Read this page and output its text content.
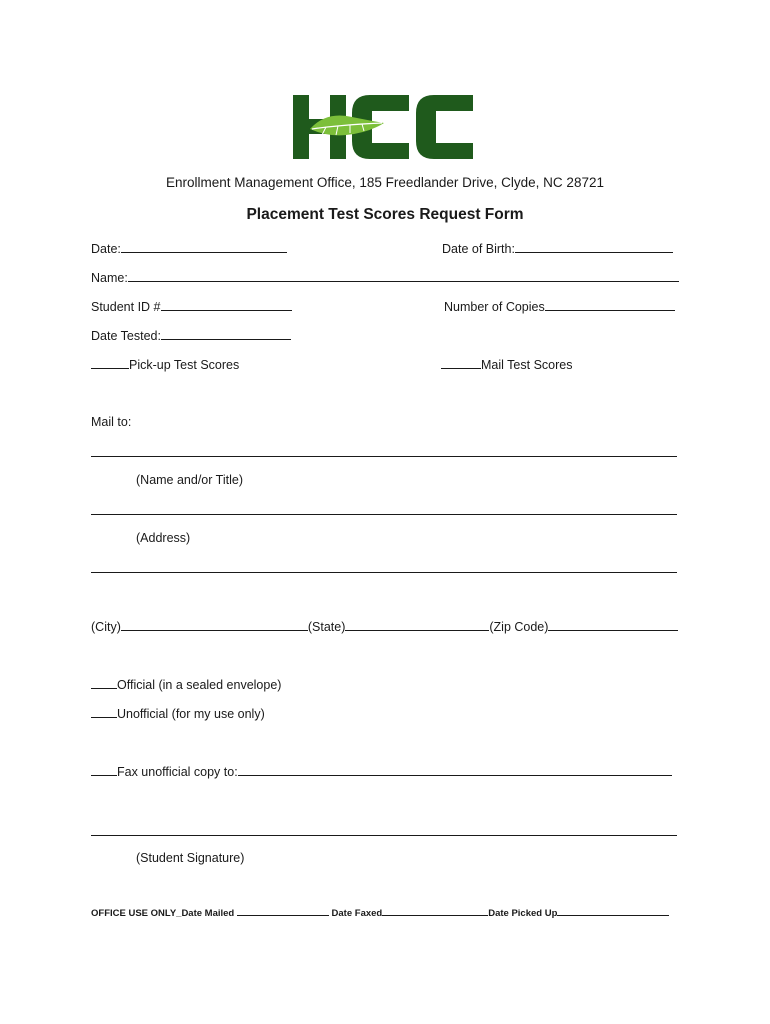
Enrollment Management Office, 185 Freedlander Drive, Clyde, NC 28721
Placement Test Scores Request Form
Date:	Date of Birth:
Name:
Student ID #	Number of Copies
Date Tested:
Pick-up Test Scores	Mail Test Scores
Mail to:
(Name and/or Title)
(Address)
(City)	(State)	(Zip Code)
Official (in a sealed envelope)
Unofficial (for my use only)
Fax unofficial copy to:
(Student Signature)
OFFICE USE ONLY_Date Mailed	Date Faxed	Date Picked Up
